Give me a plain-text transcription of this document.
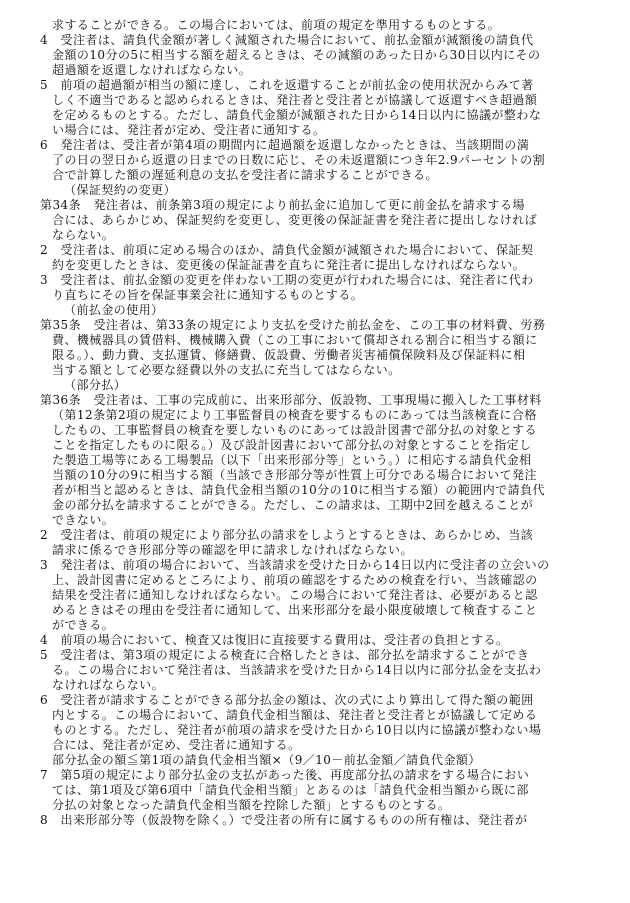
求することができる。この場合においては、前項の規定を準用するものとする。
4　受注者は、請負代金額が著しく減額された場合において、前払金額が減額後の請負代
金額の10分の5に相当する額を超えるときは、その減額のあった日から30日以内にその
超過額を返還しなければならない。
5　前項の超過額が相当の額に達し、これを返還することが前払金の使用状況からみて著
しく不適当であると認められるときは、発注者と受注者とが協議して返還すべき超過額
を定めるものとする。ただし、請負代金額が減額された日から14日以内に協議が整わな
い場合には、発注者が定め、受注者に通知する。
6　発注者は、受注者が第4項の期間内に超過額を返還しなかったときは、当該期間の満
了の日の翌日から返還の日までの日数に応じ、その未返還額につき年2.9パーセントの割
合で計算した額の遅延利息の支払を受注者に請求することができる。
（保証契約の変更）
第34条　発注者は、前条第3項の規定により前払金に追加して更に前金払を請求する場
合には、あらかじめ、保証契約を変更し、変更後の保証証書を発注者に提出しなければ
ならない。
2　受注者は、前項に定める場合のほか、請負代金額が減額された場合において、保証契
約を変更したときは、変更後の保証証書を直ちに発注者に提出しなければならない。
3　受注者は、前払金額の変更を伴わない工期の変更が行われた場合には、発注者に代わ
り直ちにその旨を保証事業会社に通知するものとする。
（前払金の使用）
第35条　受注者は、第33条の規定により支払を受けた前払金を、この工事の材料費、労務
費、機械器具の賃借料、機械購入費（この工事において償却される割合に相当する額に
限る。）、動力費、支払運賃、修繕費、仮設費、労働者災害補償保険料及び保証料に相
当する額として必要な経費以外の支払に充当してはならない。
（部分払）
第36条　受注者は、工事の完成前に、出来形部分、仮設物、工事現場に搬入した工事材料
（第12条第2項の規定により工事監督員の検査を要するものにあっては当該検査に合格
したもの、工事監督員の検査を要しないものにあっては設計図書で部分払の対象とする
ことを指定したものに限る。）及び設計図書において部分払の対象とすることを指定し
た製造工場等にある工場製品（以下「出来形部分等」という。）に相応する請負代金相
当額の10分の9に相当する額（当該でき形部分等が性質上可分である場合において発注
者が相当と認めるときは、請負代金相当額の10分の10に相当する額）の範囲内で請負代
金の部分払を請求することができる。ただし、この請求は、工期中2回を越えることが
できない。
2　受注者は、前項の規定により部分払の請求をしようとするときは、あらかじめ、当該
請求に係るでき形部分等の確認を甲に請求しなければならない。
3　発注者は、前項の場合において、当該請求を受けた日から14日以内に受注者の立会いの
上、設計図書に定めるところにより、前項の確認をするための検査を行い、当該確認の
結果を受注者に通知しなければならない。この場合において発注者は、必要があると認
めるときはその理由を受注者に通知して、出来形部分を最小限度破壊して検査すること
ができる。
4　前項の場合において、検査又は復旧に直接要する費用は、受注者の負担とする。
5　受注者は、第3項の規定による検査に合格したときは、部分払を請求することができ
る。この場合において発注者は、当該請求を受けた日から14日以内に部分払金を支払わ
なければならない。
6　受注者が請求することができる部分払金の額は、次の式により算出して得た額の範囲
内とする。この場合において、請負代金相当額は、発注者と受注者とが協議して定める
ものとする。ただし、発注者が前項の請求を受けた日から10日以内に協議が整わない場
合には、発注者が定め、受注者に通知する。
部分払金の額≦第1項の請負代金相当額×（9／10－前払金額／請負代金額）
7　第5項の規定により部分払金の支払があった後、再度部分払の請求をする場合におい
ては、第1項及び第6項中「請負代金相当額」とあるのは「請負代金相当額から既に部
分払の対象となった請負代金相当額を控除した額」とするものとする。
8　出来形部分等（仮設物を除く。）で受注者の所有に属するものの所有権は、発注者が
